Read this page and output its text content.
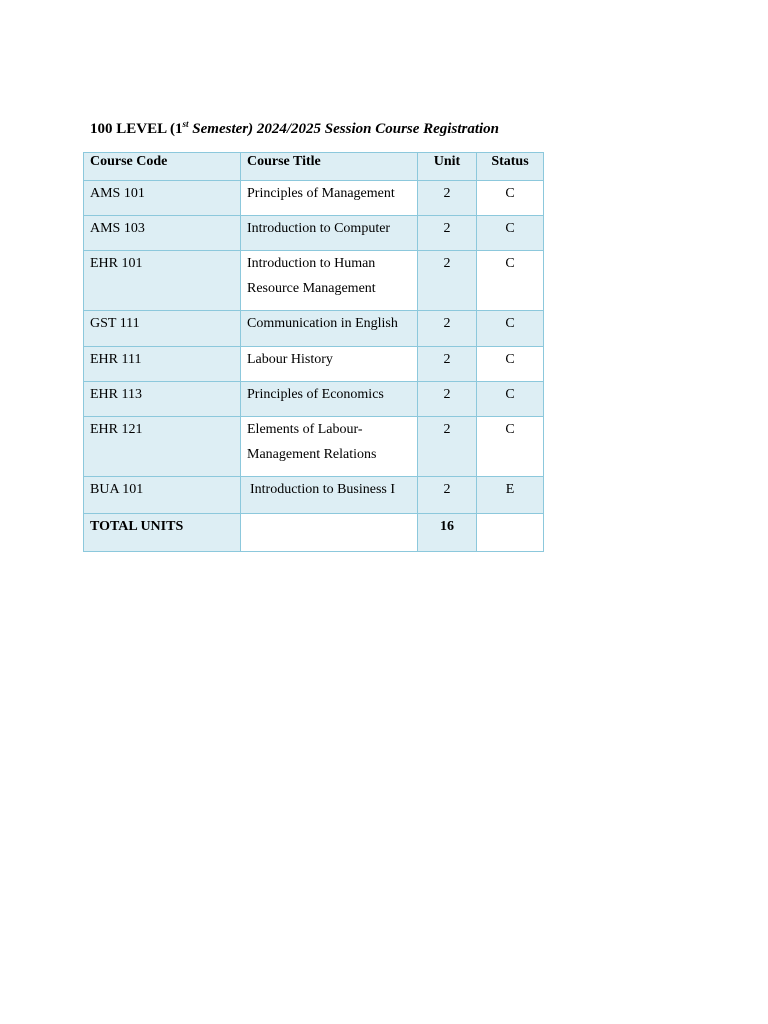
100 LEVEL (1st Semester) 2024/2025 Session Course Registration
Course Code	Course Title	Unit	Status
AMS 101	Principles of Management	2	C
AMS 103	Introduction to Computer	2	C
EHR 101	Introduction to Human Resource Management	2	C
GST 111	Communication in English	2	C
EHR 111	Labour History	2	C
EHR 113	Principles of Economics	2	C
EHR 121	Elements of Labour-Management Relations	2	C
BUA 101	Introduction to Business I	2	E
TOTAL UNITS		16	
